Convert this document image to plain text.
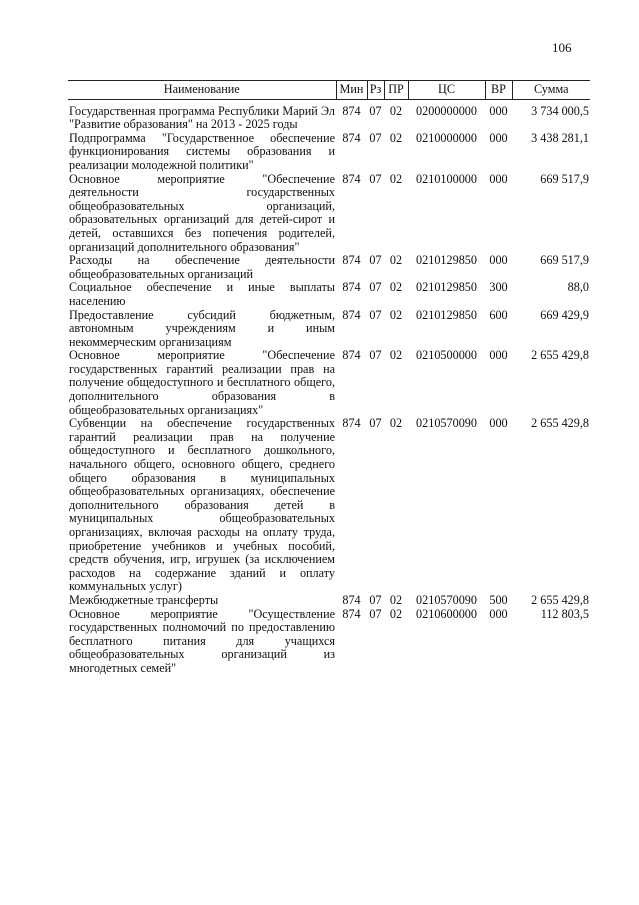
106
Наименование	Мин	Рз	ПР	ЦС	ВР	Сумма
Государственная программа Республики Марий Эл "Развитие образования" на 2013 - 2025 годы	874	07	02	0200000000	000	3 734 000,5
Подпрограмма "Государственное обеспечение функционирования системы образования и реализации молодежной политики"	874	07	02	0210000000	000	3 438 281,1
Основное мероприятие "Обеспечение деятельности государственных общеобразовательных организаций, образовательных организаций для детей-сирот и детей, оставшихся без попечения родителей, организаций дополнительного образования"	874	07	02	0210100000	000	669 517,9
Расходы на обеспечение деятельности общеобразовательных организаций	874	07	02	0210129850	000	669 517,9
Социальное обеспечение и иные выплаты населению	874	07	02	0210129850	300	88,0
Предоставление субсидий бюджетным, автономным учреждениям и иным некоммерческим организациям	874	07	02	0210129850	600	669 429,9
Основное мероприятие "Обеспечение государственных гарантий реализации прав на получение общедоступного и бесплатного общего, дополнительного образования в общеобразовательных организациях"	874	07	02	0210500000	000	2 655 429,8
Субвенции на обеспечение государственных гарантий реализации прав на получение общедоступного и бесплатного дошкольного, начального общего, основного общего, среднего общего образования в муниципальных общеобразовательных организациях, обеспечение дополнительного образования детей в муниципальных общеобразовательных организациях, включая расходы на оплату труда, приобретение учебников и учебных пособий, средств обучения, игр, игрушек (за исключением расходов на содержание зданий и оплату коммунальных услуг)	874	07	02	0210570090	000	2 655 429,8
Межбюджетные трансферты	874	07	02	0210570090	500	2 655 429,8
Основное мероприятие "Осуществление государственных полномочий по предоставлению бесплатного питания для учащихся общеобразовательных организаций из многодетных семей"	874	07	02	0210600000	000	112 803,5
